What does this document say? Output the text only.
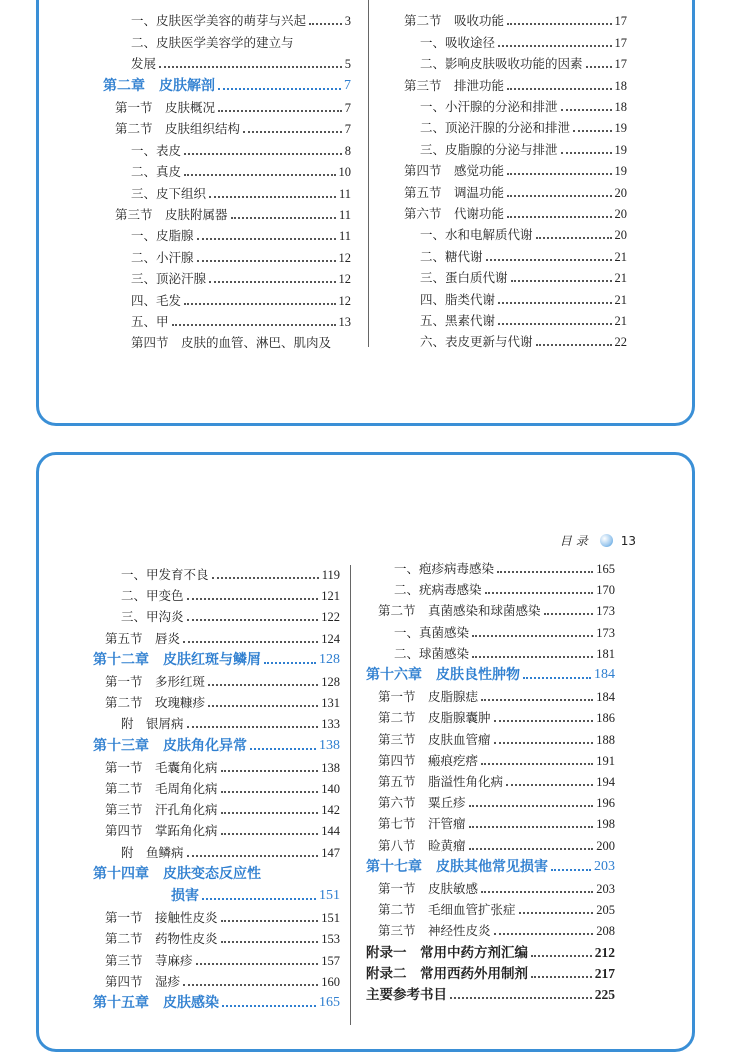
一、皮肤医学美容的萌芽与兴起	3
二、皮肤医学美容学的建立与
发展	5
第二章　皮肤解剖	7
第一节　皮肤概况	7
第二节　皮肤组织结构	7
一、表皮	8
二、真皮	10
三、皮下组织	11
第三节　皮肤附属器	11
一、皮脂腺	11
二、小汗腺	12
三、顶泌汗腺	12
四、毛发	12
五、甲	13
第四节　皮肤的血管、淋巴、肌肉及
第二节　吸收功能	17
一、吸收途径	17
二、影响皮肤吸收功能的因素	17
第三节　排泄功能	18
一、小汗腺的分泌和排泄	18
二、顶泌汗腺的分泌和排泄	19
三、皮脂腺的分泌与排泄	19
第四节　感觉功能	19
第五节　调温功能	20
第六节　代谢功能	20
一、水和电解质代谢	20
二、糖代谢	21
三、蛋白质代谢	21
四、脂类代谢	21
五、黑素代谢	21
六、表皮更新与代谢	22
目录 13
一、甲发育不良	119
二、甲变色	121
三、甲沟炎	122
第五节　唇炎	124
第十二章　皮肤红斑与鳞屑	128
第一节　多形红斑	128
第二节　玫瑰糠疹	131
附　银屑病	133
第十三章　皮肤角化异常	138
第一节　毛囊角化病	138
第二节　毛周角化病	140
第三节　汗孔角化病	142
第四节　掌跖角化病	144
附　鱼鳞病	147
第十四章　皮肤变态反应性
损害	151
第一节　接触性皮炎	151
第二节　药物性皮炎	153
第三节　荨麻疹	157
第四节　湿疹	160
第十五章　皮肤感染	165
一、疱疹病毒感染	165
二、疣病毒感染	170
第二节　真菌感染和球菌感染	173
一、真菌感染	173
二、球菌感染	181
第十六章　皮肤良性肿物	184
第一节　皮脂腺痣	184
第二节　皮脂腺囊肿	186
第三节　皮肤血管瘤	188
第四节　瘢痕疙瘩	191
第五节　脂溢性角化病	194
第六节　粟丘疹	196
第七节　汗管瘤	198
第八节　睑黄瘤	200
第十七章　皮肤其他常见损害	203
第一节　皮肤敏感	203
第二节　毛细血管扩张症	205
第三节　神经性皮炎	208
附录一　常用中药方剂汇编	212
附录二　常用西药外用制剂	217
主要参考书目	225
